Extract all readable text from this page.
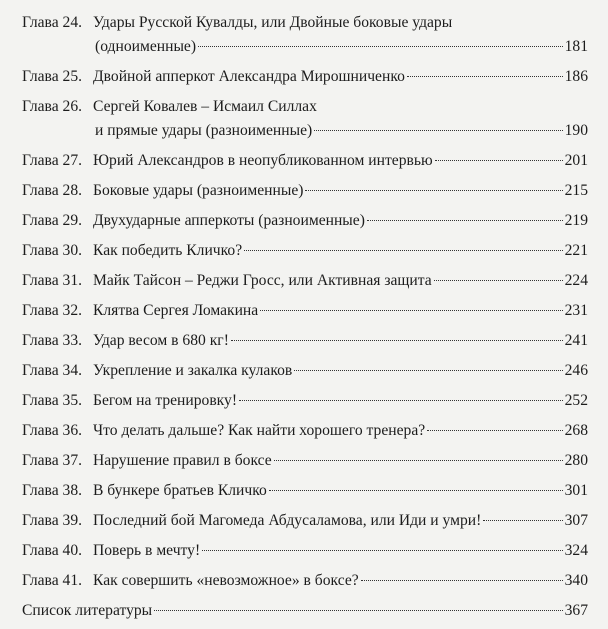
Глава 24. Удары Русской Кувалды, или Двойные боковые удары
(одноименные)	181
Глава 25. Двойной апперкот Александра Мирошниченко	186
Глава 26. Сергей Ковалев – Исмаил Силлах
и прямые удары (разноименные)	190
Глава 27. Юрий Александров в неопубликованном интервью	201
Глава 28. Боковые удары (разноименные)	215
Глава 29. Двухударные апперкоты (разноименные)	219
Глава 30. Как победить Кличко?	221
Глава 31. Майк Тайсон – Реджи Гросс, или Активная защита	224
Глава 32. Клятва Сергея Ломакина	231
Глава 33. Удар весом в 680 кг!	241
Глава 34. Укрепление и закалка кулаков	246
Глава 35. Бегом на тренировку!	252
Глава 36. Что делать дальше? Как найти хорошего тренера?	268
Глава 37. Нарушение правил в боксе	280
Глава 38. В бункере братьев Кличко	301
Глава 39. Последний бой Магомеда Абдусаламова, или Иди и умри!	307
Глава 40. Поверь в мечту!	324
Глава 41. Как совершить «невозможное» в боксе?	340
Список литературы	367
